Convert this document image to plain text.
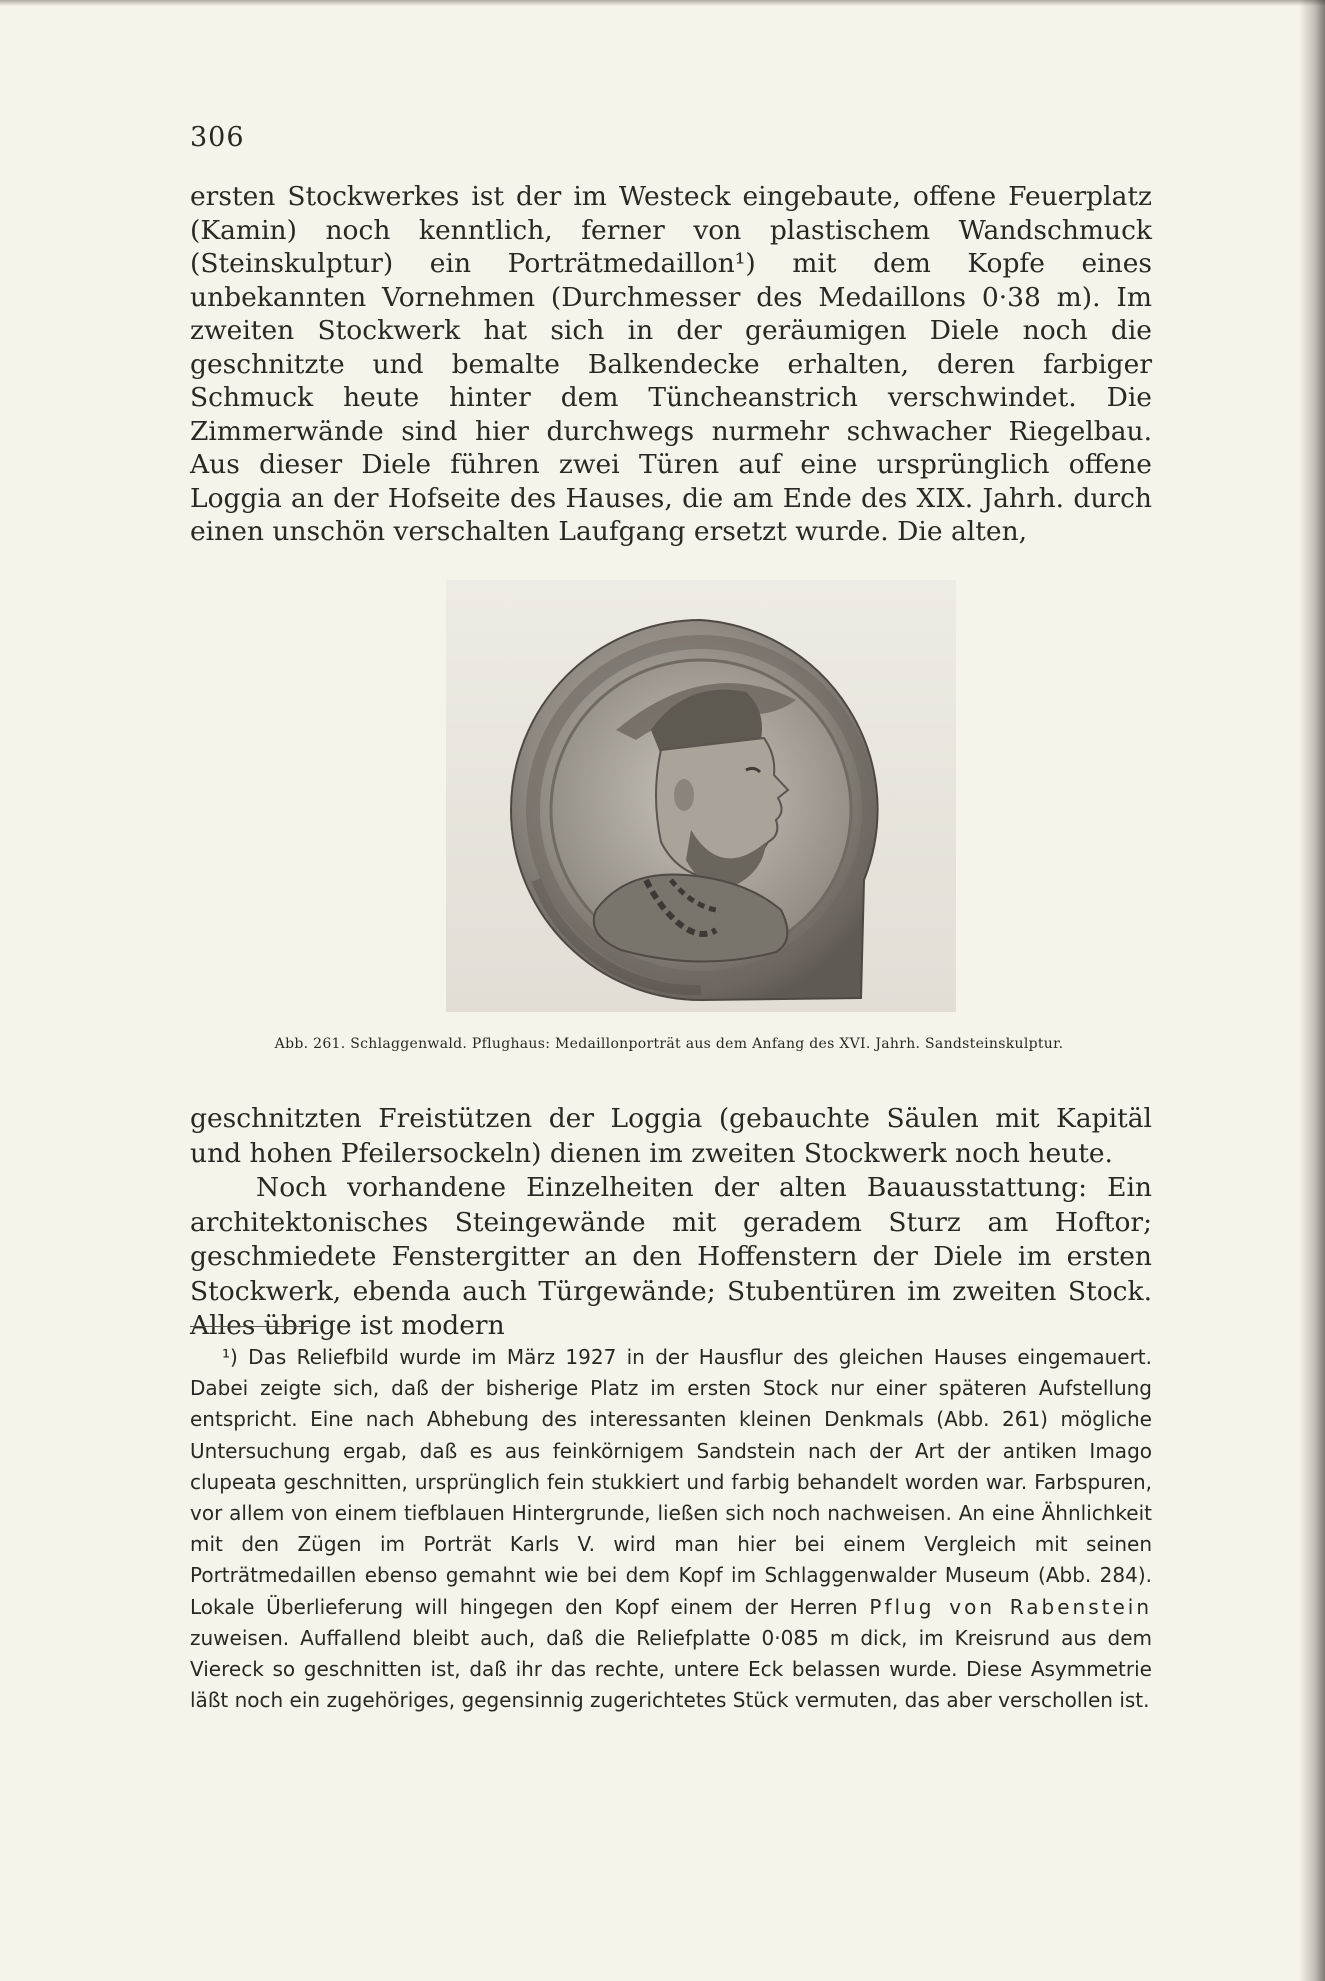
306

ersten Stockwerkes ist der im Westeck eingebaute, offene Feuerplatz (Kamin) noch kenntlich, ferner von plastischem Wandschmuck (Steinskulptur) ein Porträtmedaillon¹) mit dem Kopfe eines unbekannten Vornehmen (Durchmesser des Medaillons 0·38 m). Im zweiten Stockwerk hat sich in der geräumigen Diele noch die geschnitzte und bemalte Balkendecke erhalten, deren farbiger Schmuck heute hinter dem Tüncheanstrich verschwindet. Die Zimmerwände sind hier durchwegs nurmehr schwacher Riegelbau. Aus dieser Diele führen zwei Türen auf eine ursprünglich offene Loggia an der Hofseite des Hauses, die am Ende des XIX. Jahrh. durch einen unschön verschalten Laufgang ersetzt wurde. Die alten,

Abb. 261. Schlaggenwald. Pflughaus: Medaillonporträt aus dem Anfang des XVI. Jahrh. Sandsteinskulptur.

geschnitzten Freistützen der Loggia (gebauchte Säulen mit Kapitäl und hohen Pfeilersockeln) dienen im zweiten Stockwerk noch heute.

Noch vorhandene Einzelheiten der alten Bauausstattung: Ein architektonisches Steingewände mit geradem Sturz am Hoftor; geschmiedete Fenstergitter an den Hoffenstern der Diele im ersten Stockwerk, ebenda auch Türgewände; Stubentüren im zweiten Stock. Alles übrige ist modern

¹) Das Reliefbild wurde im März 1927 in der Hausflur des gleichen Hauses eingemauert. Dabei zeigte sich, daß der bisherige Platz im ersten Stock nur einer späteren Aufstellung entspricht. Eine nach Abhebung des interessanten kleinen Denkmals (Abb. 261) mögliche Untersuchung ergab, daß es aus feinkörnigem Sandstein nach der Art der antiken Imago clupeata geschnitten, ursprünglich fein stukkiert und farbig behandelt worden war. Farbspuren, vor allem von einem tiefblauen Hintergrunde, ließen sich noch nachweisen. An eine Ähnlichkeit mit den Zügen im Porträt Karls V. wird man hier bei einem Vergleich mit seinen Porträtmedaillen ebenso gemahnt wie bei dem Kopf im Schlaggenwalder Museum (Abb. 284). Lokale Überlieferung will hingegen den Kopf einem der Herren Pflug von Rabenstein zuweisen. Auffallend bleibt auch, daß die Reliefplatte 0·085 m dick, im Kreisrund aus dem Viereck so geschnitten ist, daß ihr das rechte, untere Eck belassen wurde. Diese Asymmetrie läßt noch ein zugehöriges, gegensinnig zugerichtetes Stück vermuten, das aber verschollen ist.
